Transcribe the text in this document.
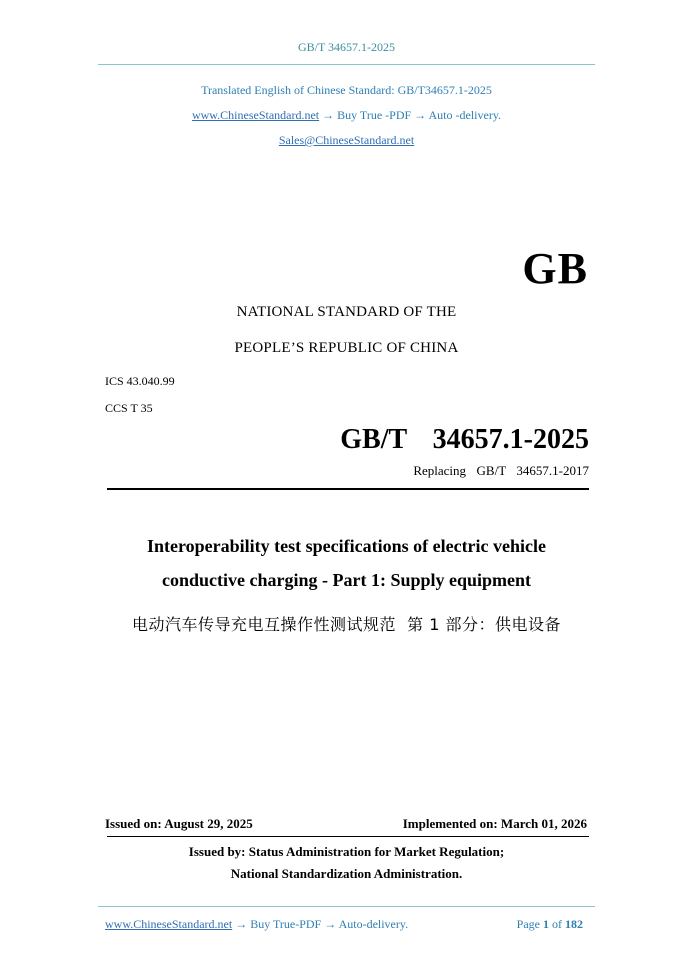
GB/T 34657.1-2025
Translated English of Chinese Standard: GB/T34657.1-2025
www.ChineseStandard.net → Buy True -PDF → Auto -delivery.
Sales@ChineseStandard.net
GB
NATIONAL STANDARD OF THE
PEOPLE’S REPUBLIC OF CHINA
ICS 43.040.99
CCS T 35
GB/T  34657.1-2025
Replacing  GB/T  34657.1-2017
Interoperability test specifications of electric vehicle
conductive charging - Part 1: Supply equipment
电动汽车传导充电互操作性测试规范  第 1 部分：供电设备
Issued on: August 29, 2025	Implemented on: March 01, 2026
Issued by: Status Administration for Market Regulation;
National Standardization Administration.
www.ChineseStandard.net → Buy True-PDF → Auto-delivery.	Page 1 of 182
